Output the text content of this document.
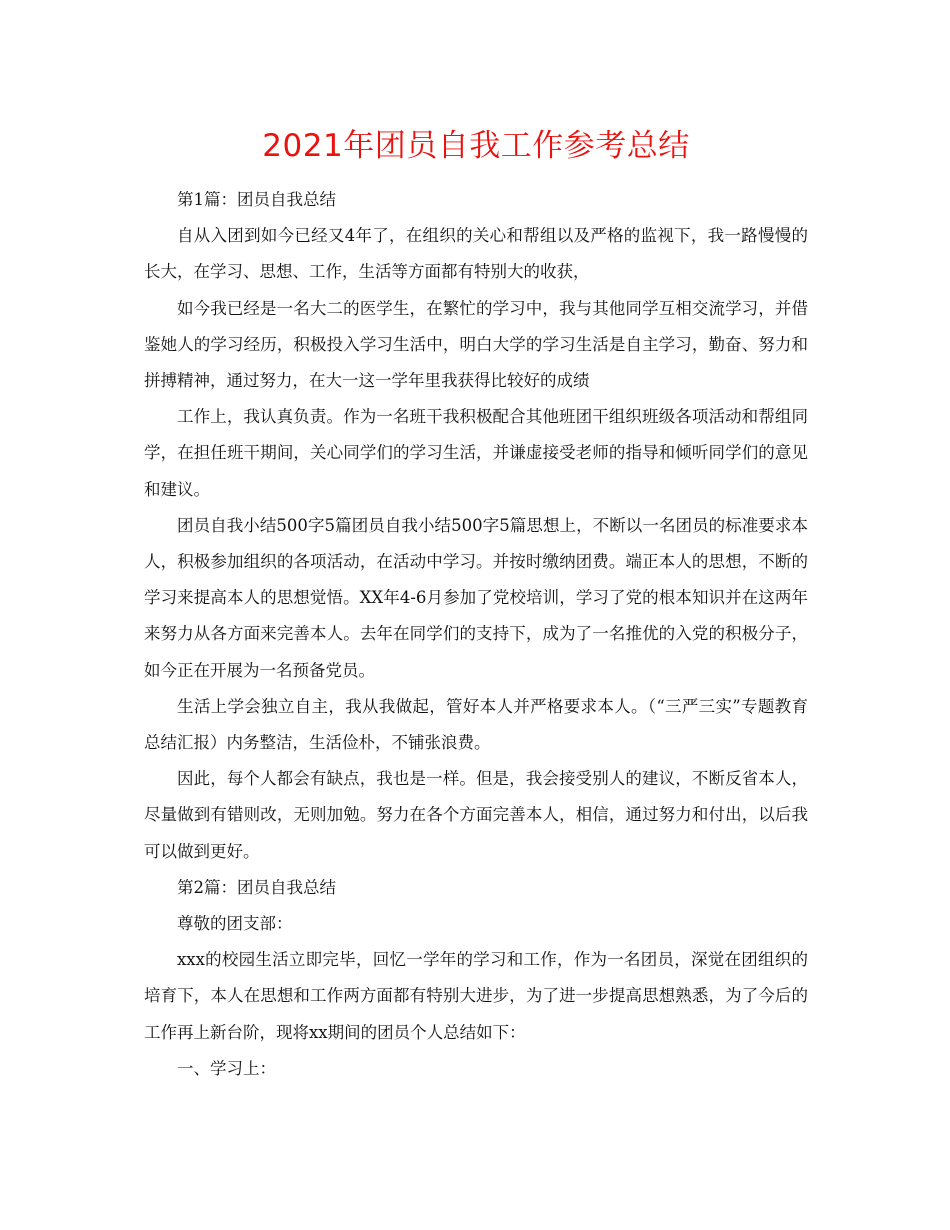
2021年团员自我工作参考总结

第1篇：团员自我总结

自从入团到如今已经又4年了，在组织的关心和帮组以及严格的监视下，我一路慢慢的长大，在学习、思想、工作，生活等方面都有特别大的收获，

如今我已经是一名大二的医学生，在繁忙的学习中，我与其他同学互相交流学习，并借鉴她人的学习经历，积极投入学习生活中，明白大学的学习生活是自主学习，勤奋、努力和拼搏精神，通过努力，在大一这一学年里我获得比较好的成绩

工作上，我认真负责。作为一名班干我积极配合其他班团干组织班级各项活动和帮组同学，在担任班干期间，关心同学们的学习生活，并谦虚接受老师的指导和倾听同学们的意见和建议。

团员自我小结500字5篇团员自我小结500字5篇思想上，不断以一名团员的标准要求本人，积极参加组织的各项活动，在活动中学习。并按时缴纳团费。端正本人的思想，不断的学习来提高本人的思想觉悟。XX年4-6月参加了党校培训，学习了党的根本知识并在这两年来努力从各方面来完善本人。去年在同学们的支持下，成为了一名推优的入党的积极分子，如今正在开展为一名预备党员。

生活上学会独立自主，我从我做起，管好本人并严格要求本人。（“三严三实”专题教育总结汇报）内务整洁，生活俭朴，不铺张浪费。

因此，每个人都会有缺点，我也是一样。但是，我会接受别人的建议，不断反省本人，尽量做到有错则改，无则加勉。努力在各个方面完善本人，相信，通过努力和付出，以后我可以做到更好。

第2篇：团员自我总结

尊敬的团支部：

xxx的校园生活立即完毕，回忆一学年的学习和工作，作为一名团员，深觉在团组织的培育下，本人在思想和工作两方面都有特别大进步，为了进一步提高思想熟悉，为了今后的工作再上新台阶，现将xx期间的团员个人总结如下：

一、学习上：
